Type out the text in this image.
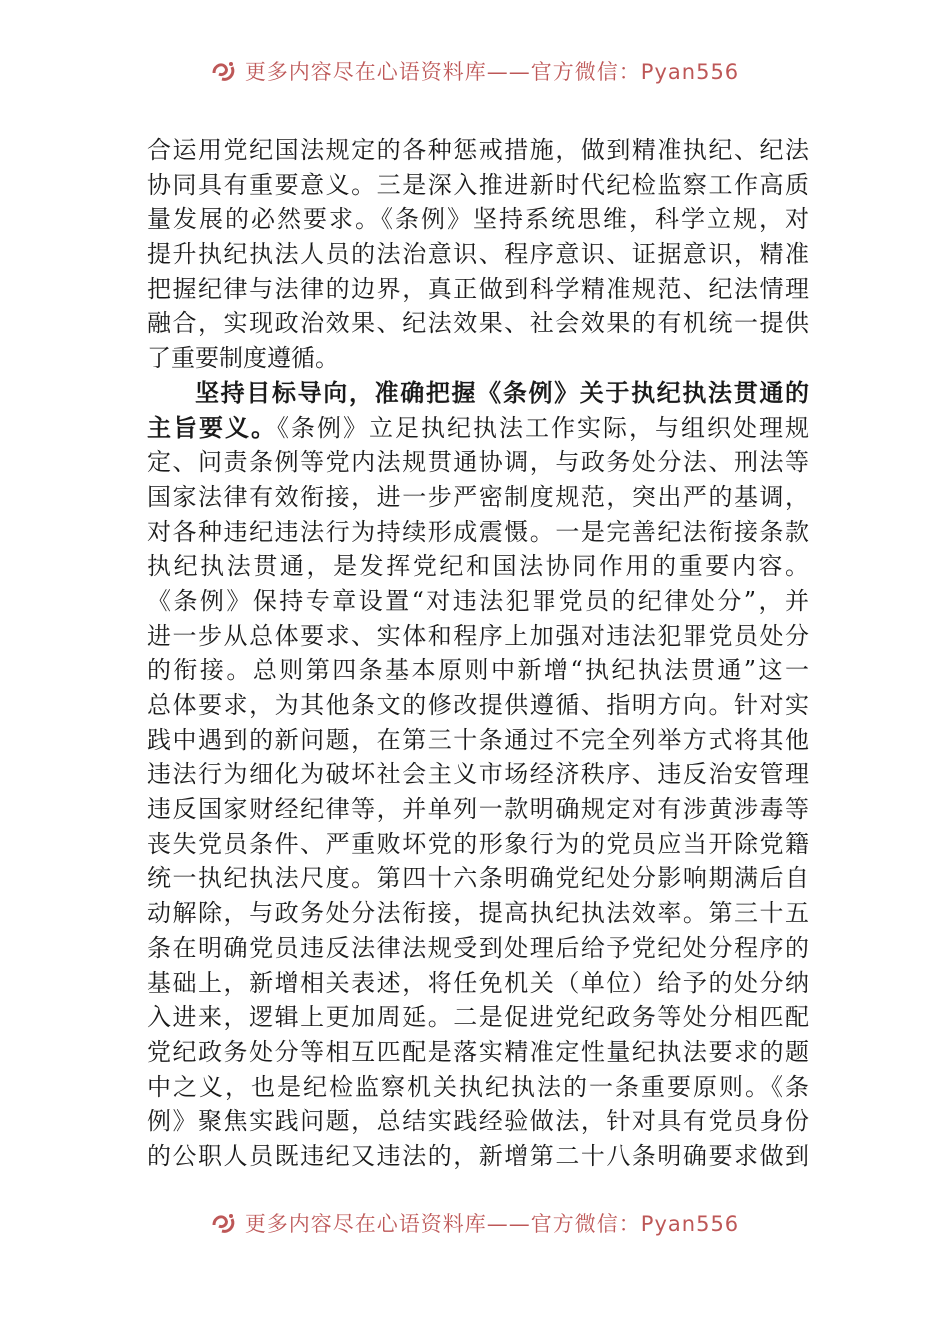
更多内容尽在心语资料库——官方微信：Pyan556
合运用党纪国法规定的各种惩戒措施，做到精准执纪、纪法
协同具有重要意义。三是深入推进新时代纪检监察工作高质
量发展的必然要求。《条例》坚持系统思维，科学立规，对
提升执纪执法人员的法治意识、程序意识、证据意识，精准
把握纪律与法律的边界，真正做到科学精准规范、纪法情理
融合，实现政治效果、纪法效果、社会效果的有机统一提供
了重要制度遵循。
坚持目标导向，准确把握《条例》关于执纪执法贯通的
主旨要义。《条例》立足执纪执法工作实际，与组织处理规
定、问责条例等党内法规贯通协调，与政务处分法、刑法等
国家法律有效衔接，进一步严密制度规范，突出严的基调，
对各种违纪违法行为持续形成震慑。一是完善纪法衔接条款
执纪执法贯通，是发挥党纪和国法协同作用的重要内容。
《条例》保持专章设置“对违法犯罪党员的纪律处分”，并
进一步从总体要求、实体和程序上加强对违法犯罪党员处分
的衔接。总则第四条基本原则中新增“执纪执法贯通”这一
总体要求，为其他条文的修改提供遵循、指明方向。针对实
践中遇到的新问题，在第三十条通过不完全列举方式将其他
违法行为细化为破坏社会主义市场经济秩序、违反治安管理
违反国家财经纪律等，并单列一款明确规定对有涉黄涉毒等
丧失党员条件、严重败坏党的形象行为的党员应当开除党籍
统一执纪执法尺度。第四十六条明确党纪处分影响期满后自
动解除，与政务处分法衔接，提高执纪执法效率。第三十五
条在明确党员违反法律法规受到处理后给予党纪处分程序的
基础上，新增相关表述，将任免机关（单位）给予的处分纳
入进来，逻辑上更加周延。二是促进党纪政务等处分相匹配
党纪政务处分等相互匹配是落实精准定性量纪执法要求的题
中之义，也是纪检监察机关执纪执法的一条重要原则。《条
例》聚焦实践问题，总结实践经验做法，针对具有党员身份
的公职人员既违纪又违法的，新增第二十八条明确要求做到
更多内容尽在心语资料库——官方微信：Pyan556
